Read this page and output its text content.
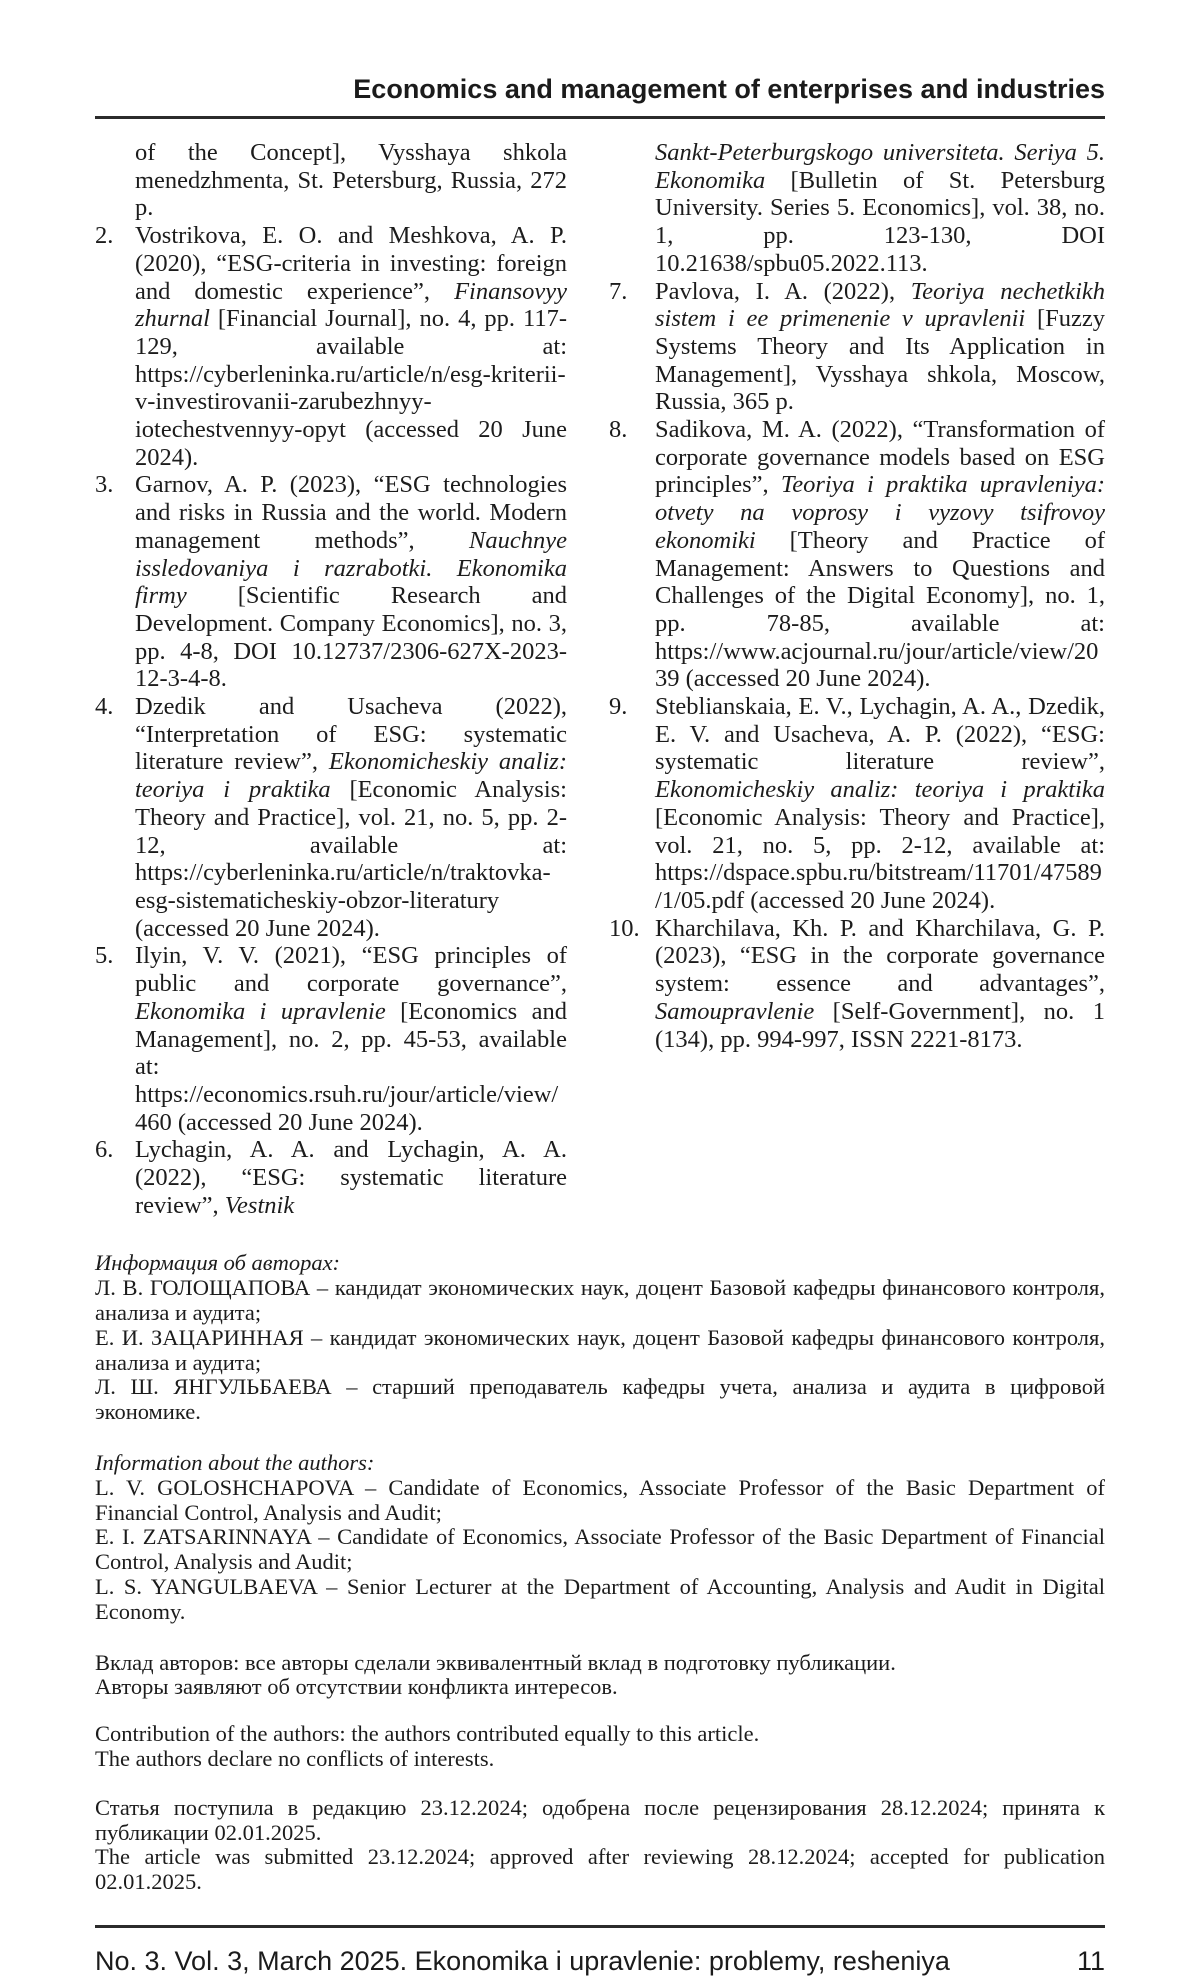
Economics and management of enterprises and industries
of the Concept], Vysshaya shkola menedzhmenta, St. Petersburg, Russia, 272 p.
2. Vostrikova, E. O. and Meshkova, A. P. (2020), “ESG-criteria in investing: foreign and domestic experience”, Finansovyy zhurnal [Financial Journal], no. 4, pp. 117-129, available at: https://cyberleninka.ru/article/n/esg-kriterii-v-investirovanii-zarubezhnyy-iotechestvennyy-opyt (accessed 20 June 2024).
3. Garnov, A. P. (2023), “ESG technologies and risks in Russia and the world. Modern management methods”, Nauchnye issledovaniya i razrabotki. Ekonomika firmy [Scientific Research and Development. Company Economics], no. 3, pp. 4-8, DOI 10.12737/2306-627X-2023-12-3-4-8.
4. Dzedik and Usacheva (2022), “Interpretation of ESG: systematic literature review”, Ekonomicheskiy analiz: teoriya i praktika [Economic Analysis: Theory and Practice], vol. 21, no. 5, pp. 2-12, available at: https://cyberleninka.ru/article/n/traktovka-esg-sistematicheskiy-obzor-literatury (accessed 20 June 2024).
5. Ilyin, V. V. (2021), “ESG principles of public and corporate governance”, Ekonomika i upravlenie [Economics and Management], no. 2, pp. 45-53, available at: https://economics.rsuh.ru/jour/article/view/460 (accessed 20 June 2024).
6. Lychagin, A. A. and Lychagin, A. A. (2022), “ESG: systematic literature review”, Vestnik
Sankt-Peterburgskogo universiteta. Seriya 5. Ekonomika [Bulletin of St. Petersburg University. Series 5. Economics], vol. 38, no. 1, pp. 123-130, DOI 10.21638/spbu05.2022.113.
7.	Pavlova, I. A. (2022), Teoriya nechetkikh sistem i ee primenenie v upravlenii [Fuzzy Systems Theory and Its Application in Management], Vysshaya shkola, Moscow, Russia, 365 p.
8.	Sadikova, M. A. (2022), “Transformation of corporate governance models based on ESG principles”, Teoriya i praktika upravleniya: otvety na voprosy i vyzovy tsifrovoy ekonomiki [Theory and Practice of Management: Answers to Questions and Challenges of the Digital Economy], no. 1, pp. 78-85, available at: https://www.acjournal.ru/jour/article/view/2039 (accessed 20 June 2024).
9.	Steblianskaia, E. V., Lychagin, A. A., Dzedik, E. V. and Usacheva, A. P. (2022), “ESG: systematic literature review”, Ekonomicheskiy analiz: teoriya i praktika [Economic Analysis: Theory and Practice], vol. 21, no. 5, pp. 2-12, available at: https://dspace.spbu.ru/bitstream/11701/47589/1/05.pdf (accessed 20 June 2024).
10. Kharchilava, Kh. P. and Kharchilava, G. P. (2023), “ESG in the corporate governance system: essence and advantages”, Samoupravlenie [Self-Government], no. 1 (134), pp. 994-997, ISSN 2221-8173.
Информация об авторах:
Л. В. ГОЛОЩАПОВА – кандидат экономических наук, доцент Базовой кафедры финансового контроля, анализа и аудита;
Е. И. ЗАЦАРИННАЯ – кандидат экономических наук, доцент Базовой кафедры финансового контроля, анализа и аудита;
Л. Ш. ЯНГУЛЬБАЕВА – старший преподаватель кафедры учета, анализа и аудита в цифровой экономике.
Information about the authors:
L. V. GOLOSHCHAPOVA – Candidate of Economics, Associate Professor of the Basic Department of Financial Control, Analysis and Audit;
E. I. ZATSARINNAYA – Candidate of Economics, Associate Professor of the Basic Department of Financial Control, Analysis and Audit;
L. S. YANGULBAEVA – Senior Lecturer at the Department of Accounting, Analysis and Audit in Digital Economy.
Вклад авторов: все авторы сделали эквивалентный вклад в подготовку публикации.
Авторы заявляют об отсутствии конфликта интересов.
Contribution of the authors: the authors contributed equally to this article.
The authors declare no conflicts of interests.
Статья поступила в редакцию 23.12.2024; одобрена после рецензирования 28.12.2024; принята к публикации 02.01.2025.
The article was submitted 23.12.2024; approved after reviewing 28.12.2024; accepted for publication 02.01.2025.
No. 3. Vol. 3, March 2025. Ekonomika i upravlenie: problemy, resheniya	11
